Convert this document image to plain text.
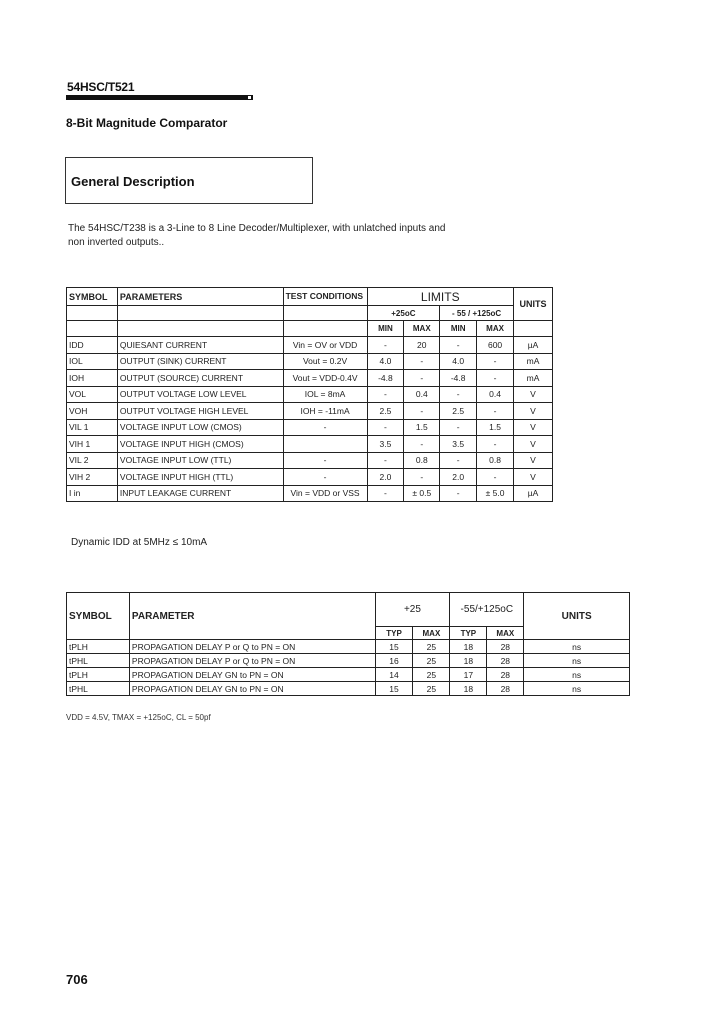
54HSC/T521
8-Bit Magnitude Comparator
General Description
The 54HSC/T238 is a 3-Line to 8 Line Decoder/Multiplexer, with unlatched inputs and non inverted outputs..
SYMBOL	PARAMETERS	TEST CONDITIONS	LIMITS				UNITS

			+25oC		- 55 / +125oC		
			MIN	MAX	MIN	MAX	
IDD	QUIESANT CURRENT	Vin = OV or VDD	-	20	-	600	µA
IOL	OUTPUT (SINK) CURRENT	Vout = 0.2V	4.0	-	4.0	-	mA
IOH	OUTPUT (SOURCE) CURRENT	Vout = VDD-0.4V	-4.8	-	-4.8	-	mA
VOL	OUTPUT VOLTAGE LOW LEVEL	IOL = 8mA	-	0.4	-	0.4	V
VOH	OUTPUT VOLTAGE HIGH LEVEL	IOH = -11mA	2.5	-	2.5	-	V
VIL 1	VOLTAGE INPUT LOW (CMOS)	-	-	1.5	-	1.5	V
VIH 1	VOLTAGE INPUT HIGH (CMOS)		3.5	-	3.5	-	V
VIL 2	VOLTAGE INPUT LOW (TTL)	-	-	0.8	-	0.8	V
VIH 2	VOLTAGE INPUT HIGH (TTL)	-	2.0	-	2.0	-	V
I in	INPUT LEAKAGE CURRENT	Vin = VDD or VSS	-	± 0.5	-	± 5.0	µA
Dynamic IDD at 5MHz ≤ 10mA
SYMBOL	PARAMETER	+25		-55/+125oC		UNITS
		TYP	MAX	TYP	MAX	
tPLH	PROPAGATION DELAY P or Q to PN = ON	15	25	18	28	ns
tPHL	PROPAGATION DELAY P or Q to PN = ON	16	25	18	28	ns
tPLH	PROPAGATION DELAY GN to PN = ON	14	25	17	28	ns
tPHL	PROPAGATION DELAY GN to PN = ON	15	25	18	28	ns
VDD = 4.5V, TMAX = +125oC, CL = 50pf
706
